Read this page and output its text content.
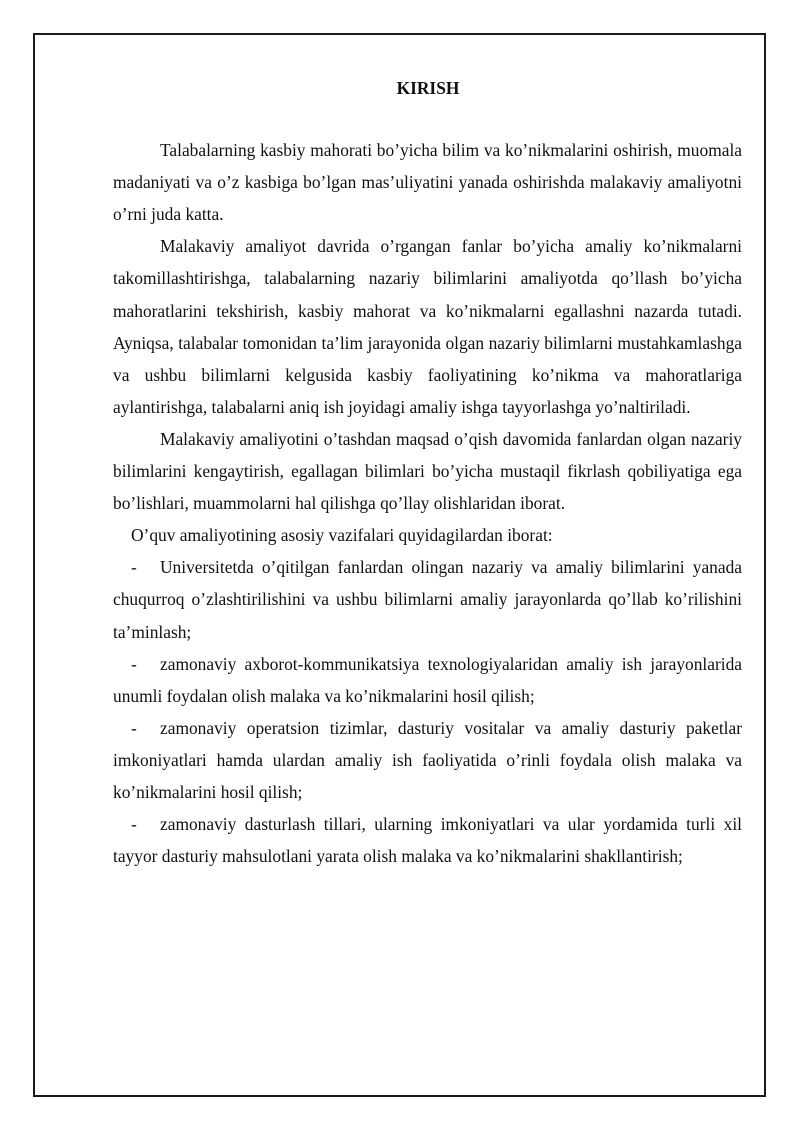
KIRISH

Talabalarning kasbiy mahorati bo’yicha bilim va ko’nikmalarini oshirish, muomala madaniyati va o’z kasbiga bo’lgan mas’uliyatini yanada oshirishda malakaviy amaliyotni o’rni juda katta.

Malakaviy amaliyot davrida o’rgangan fanlar bo’yicha amaliy ko’nikmalarni takomillashtirishga, talabalarning nazariy bilimlarini amaliyotda qo’llash bo’yicha mahoratlarini tekshirish, kasbiy mahorat va ko’nikmalarni egallashni nazarda tutadi. Ayniqsa, talabalar tomonidan ta’lim jarayonida olgan nazariy bilimlarni mustahkamlashga va ushbu bilimlarni kelgusida kasbiy faoliyatining ko’nikma va mahoratlariga aylantirishga, talabalarni aniq ish joyidagi amaliy ishga tayyorlashga yo’naltiriladi.

Malakaviy amaliyotini o’tashdan maqsad o’qish davomida fanlardan olgan nazariy bilimlarini kengaytirish, egallagan bilimlari bo’yicha mustaqil fikrlash qobiliyatiga ega bo’lishlari, muammolarni hal qilishga qo’llay olishlaridan iborat.

O’quv amaliyotining asosiy vazifalari quyidagilardan iborat:

- Universitetda o’qitilgan fanlardan olingan nazariy va amaliy bilimlarini yanada chuqurroq o’zlashtirilishini va ushbu bilimlarni amaliy jarayonlarda qo’llab ko’rilishini ta’minlash;

- zamonaviy axborot-kommunikatsiya texnologiyalaridan amaliy ish jarayonlarida unumli foydalan olish malaka va ko’nikmalarini hosil qilish;

- zamonaviy operatsion tizimlar, dasturiy vositalar va amaliy dasturiy paketlar imkoniyatlari hamda ulardan amaliy ish faoliyatida o’rinli foydala olish malaka va ko’nikmalarini hosil qilish;

- zamonaviy dasturlash tillari, ularning imkoniyatlari va ular yordamida turli xil tayyor dasturiy mahsulotlani yarata olish malaka va ko’nikmalarini shakllantirish;
